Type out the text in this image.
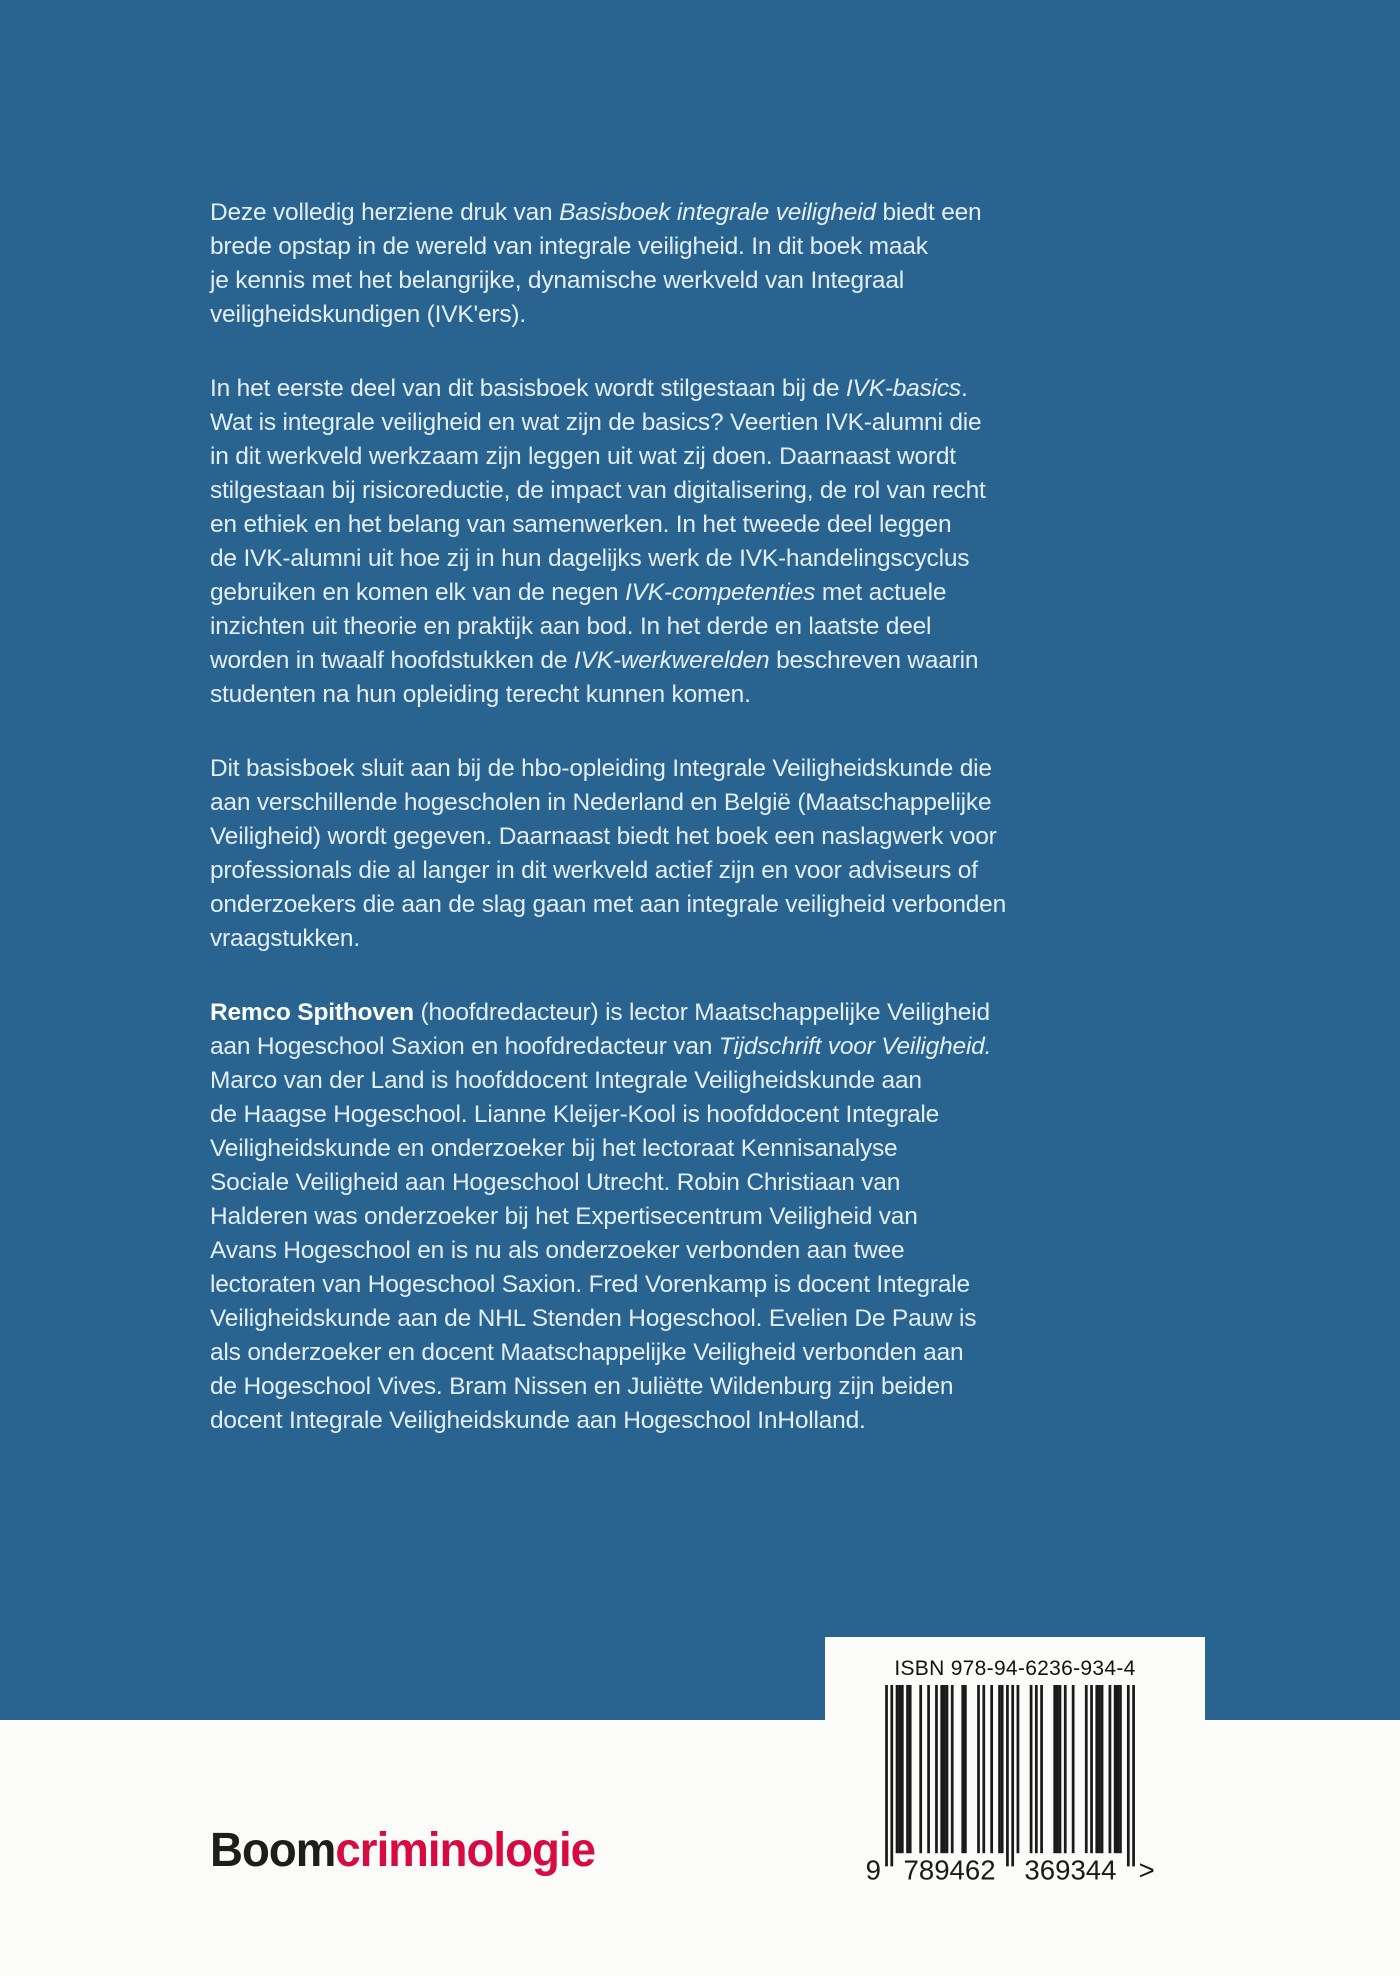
Deze volledig herziene druk van Basisboek integrale veiligheid biedt een
brede opstap in de wereld van integrale veiligheid. In dit boek maak
je kennis met het belangrijke, dynamische werkveld van Integraal
veiligheidskundigen (IVK'ers).
In het eerste deel van dit basisboek wordt stilgestaan bij de IVK-basics.
Wat is integrale veiligheid en wat zijn de basics? Veertien IVK-alumni die
in dit werkveld werkzaam zijn leggen uit wat zij doen. Daarnaast wordt
stilgestaan bij risicoreductie, de impact van digitalisering, de rol van recht
en ethiek en het belang van samenwerken. In het tweede deel leggen
de IVK-alumni uit hoe zij in hun dagelijks werk de IVK-handelingscyclus
gebruiken en komen elk van de negen IVK-competenties met actuele
inzichten uit theorie en praktijk aan bod. In het derde en laatste deel
worden in twaalf hoofdstukken de IVK-werkwerelden beschreven waarin
studenten na hun opleiding terecht kunnen komen.
Dit basisboek sluit aan bij de hbo-opleiding Integrale Veiligheidskunde die
aan verschillende hogescholen in Nederland en België (Maatschappelijke
Veiligheid) wordt gegeven. Daarnaast biedt het boek een naslagwerk voor
professionals die al langer in dit werkveld actief zijn en voor adviseurs of
onderzoekers die aan de slag gaan met aan integrale veiligheid verbonden
vraagstukken.
Remco Spithoven (hoofdredacteur) is lector Maatschappelijke Veiligheid
aan Hogeschool Saxion en hoofdredacteur van Tijdschrift voor Veiligheid.
Marco van der Land is hoofddocent Integrale Veiligheidskunde aan
de Haagse Hogeschool. Lianne Kleijer-Kool is hoofddocent Integrale
Veiligheidskunde en onderzoeker bij het lectoraat Kennisanalyse
Sociale Veiligheid aan Hogeschool Utrecht. Robin Christiaan van
Halderen was onderzoeker bij het Expertisecentrum Veiligheid van
Avans Hogeschool en is nu als onderzoeker verbonden aan twee
lectoraten van Hogeschool Saxion. Fred Vorenkamp is docent Integrale
Veiligheidskunde aan de NHL Stenden Hogeschool. Evelien De Pauw is
als onderzoeker en docent Maatschappelijke Veiligheid verbonden aan
de Hogeschool Vives. Bram Nissen en Juliëtte Wildenburg zijn beiden
docent Integrale Veiligheidskunde aan Hogeschool InHolland.
ISBN 978-94-6236-934-4
9 789462	369344 >
Boomcriminologie
